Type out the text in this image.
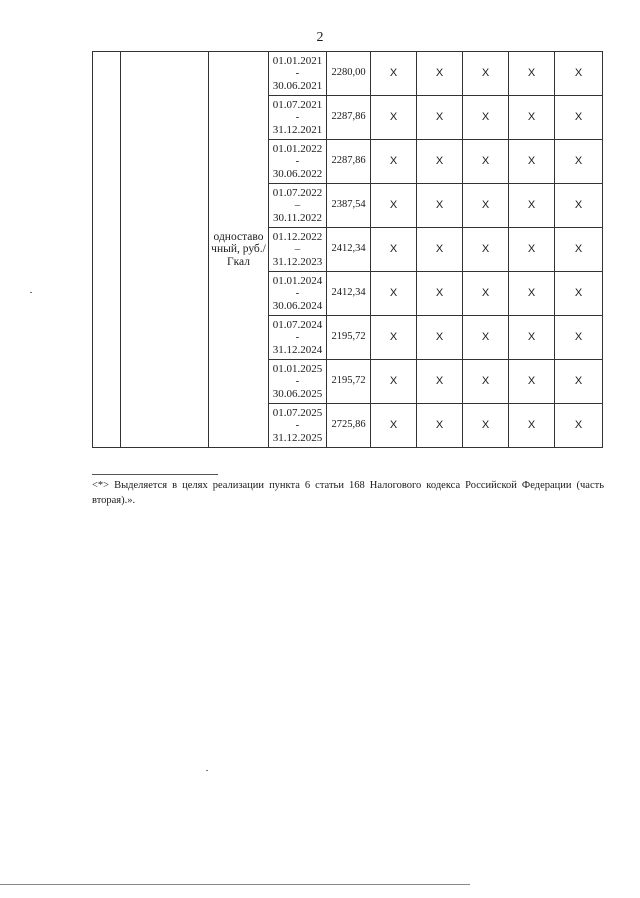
2
		одноставо чный, руб./Гкал	01.01.2021
-
30.06.2021	2280,00	X	X	X	X	X

			01.07.2021
-
31.12.2021	2287,86	X	X	X	X	X

			01.01.2022
-
30.06.2022	2287,86	X	X	X	X	X

			01.07.2022
–
30.11.2022	2387,54	X	X	X	X	X

			01.12.2022
–
31.12.2023	2412,34	X	X	X	X	X

			01.01.2024
-
30.06.2024	2412,34	X	X	X	X	X

			01.07.2024
-
31.12.2024	2195,72	X	X	X	X	X

			01.01.2025
-
30.06.2025	2195,72	X	X	X	X	X

			01.07.2025
-
31.12.2025	2725,86	X	X	X	X	X
<*> Выделяется в целях реализации пункта 6 статьи 168 Налогового кодекса Российской Федерации (часть вторая).».
